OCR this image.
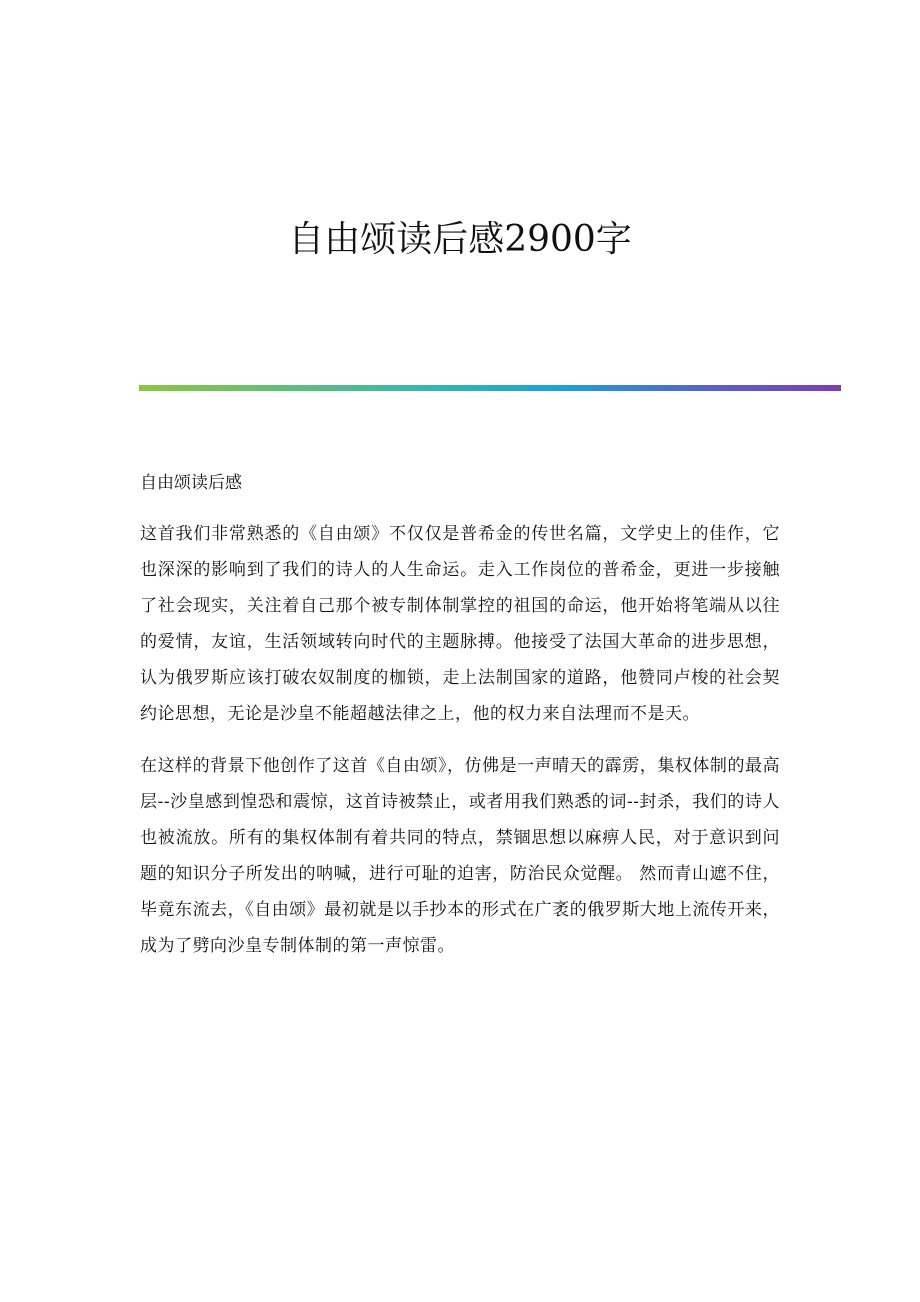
自由颂读后感2900字

自由颂读后感

这首我们非常熟悉的《自由颂》不仅仅是普希金的传世名篇，文学史上的佳作，它也深深的影响到了我们的诗人的人生命运。走入工作岗位的普希金，更进一步接触了社会现实，关注着自己那个被专制体制掌控的祖国的命运，他开始将笔端从以往的爱情，友谊，生活领域转向时代的主题脉搏。他接受了法国大革命的进步思想，认为俄罗斯应该打破农奴制度的枷锁，走上法制国家的道路，他赞同卢梭的社会契约论思想，无论是沙皇不能超越法律之上，他的权力来自法理而不是天。

在这样的背景下他创作了这首《自由颂》，仿佛是一声晴天的霹雳，集权体制的最高层--沙皇感到惶恐和震惊，这首诗被禁止，或者用我们熟悉的词--封杀，我们的诗人也被流放。所有的集权体制有着共同的特点，禁锢思想以麻痹人民，对于意识到问题的知识分子所发出的呐喊，进行可耻的迫害，防治民众觉醒。 然而青山遮不住，毕竟东流去，《自由颂》最初就是以手抄本的形式在广袤的俄罗斯大地上流传开来，成为了劈向沙皇专制体制的第一声惊雷。
